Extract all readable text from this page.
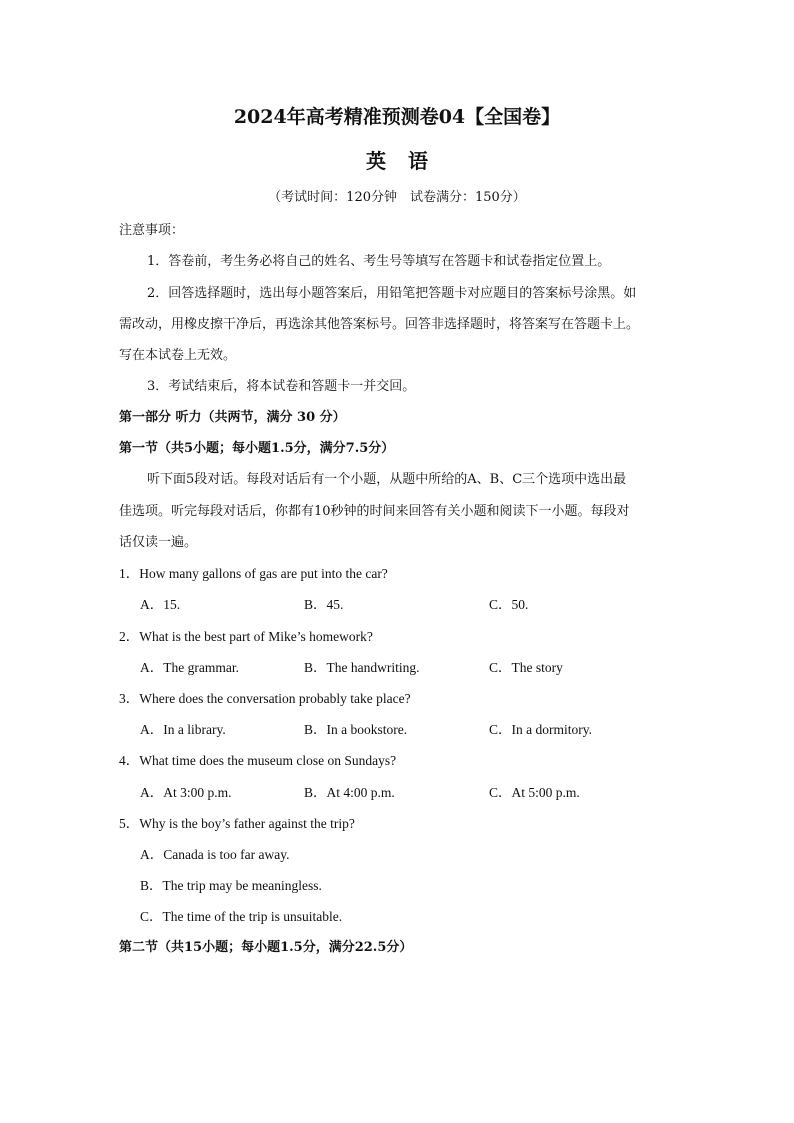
2024年高考精准预测卷04【全国卷】
英语
（考试时间：120分钟　试卷满分：150分）
注意事项：
1．答卷前，考生务必将自己的姓名、考生号等填写在答题卡和试卷指定位置上。
2．回答选择题时，选出每小题答案后，用铅笔把答题卡对应题目的答案标号涂黑。如
需改动，用橡皮擦干净后，再选涂其他答案标号。回答非选择题时，将答案写在答题卡上。
写在本试卷上无效。
3．考试结束后，将本试卷和答题卡一并交回。
第一部分 听力（共两节，满分 30 分）
第一节（共5小题；每小题1.5分，满分7.5分）
听下面5段对话。每段对话后有一个小题，从题中所给的A、B、C三个选项中选出最
佳选项。听完每段对话后，你都有10秒钟的时间来回答有关小题和阅读下一小题。每段对
话仅读一遍。
1．How many gallons of gas are put into the car?
A．15.	B．45.	C．50.
2．What is the best part of Mike’s homework?
A．The grammar.	B．The handwriting.	C．The story
3．Where does the conversation probably take place?
A．In a library.	B．In a bookstore.	C．In a dormitory.
4．What time does the museum close on Sundays?
A．At 3:00 p.m.	B．At 4:00 p.m.	C．At 5:00 p.m.
5．Why is the boy’s father against the trip?
A．Canada is too far away.
B．The trip may be meaningless.
C．The time of the trip is unsuitable.
第二节（共15小题；每小题1.5分，满分22.5分）
